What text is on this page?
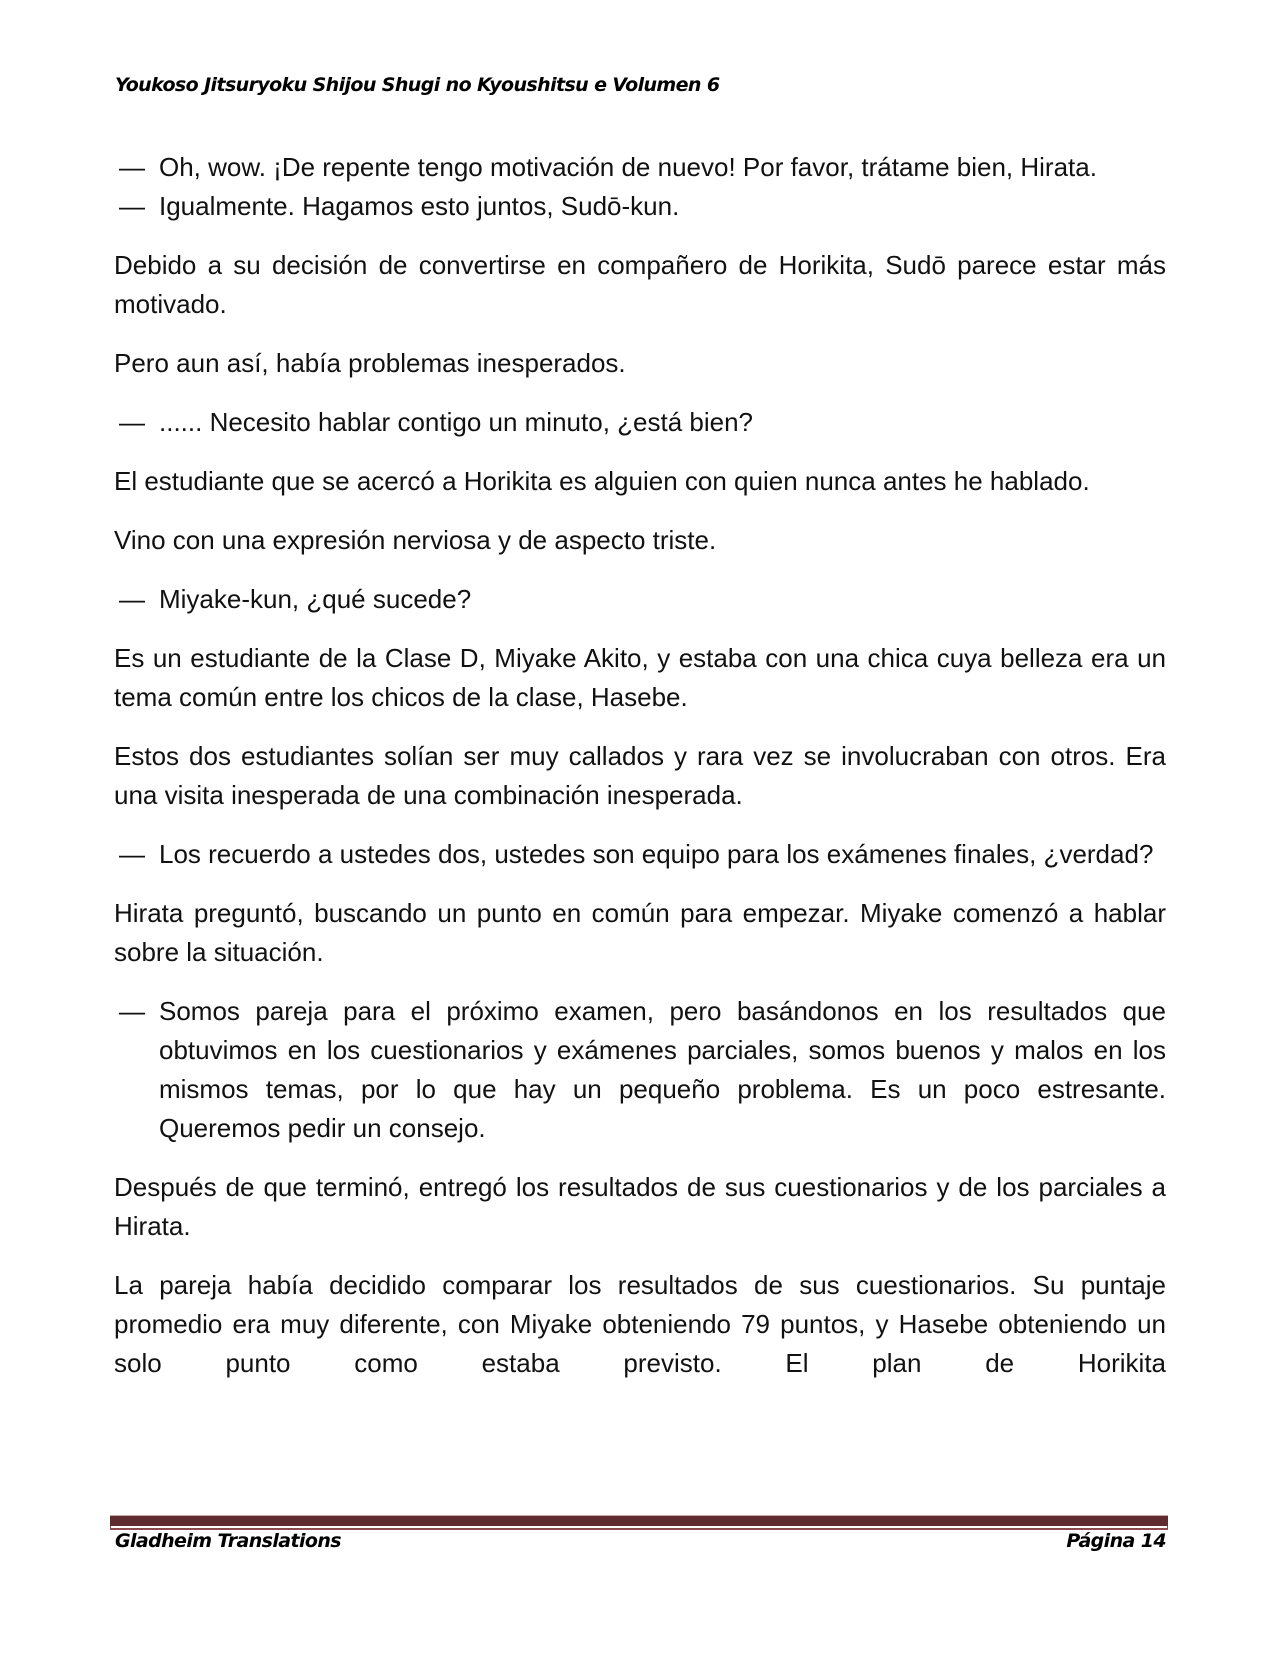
Youkoso Jitsuryoku Shijou Shugi no Kyoushitsu e Volumen 6
— Oh, wow. ¡De repente tengo motivación de nuevo! Por favor, trátame bien, Hirata.
— Igualmente. Hagamos esto juntos, Sudō-kun.

Debido a su decisión de convertirse en compañero de Horikita, Sudō parece estar más motivado.

Pero aun así, había problemas inesperados.

— ...... Necesito hablar contigo un minuto, ¿está bien?

El estudiante que se acercó a Horikita es alguien con quien nunca antes he hablado.

Vino con una expresión nerviosa y de aspecto triste.

— Miyake-kun, ¿qué sucede?

Es un estudiante de la Clase D, Miyake Akito, y estaba con una chica cuya belleza era un tema común entre los chicos de la clase, Hasebe.

Estos dos estudiantes solían ser muy callados y rara vez se involucraban con otros. Era una visita inesperada de una combinación inesperada.

— Los recuerdo a ustedes dos, ustedes son equipo para los exámenes finales, ¿verdad?

Hirata preguntó, buscando un punto en común para empezar. Miyake comenzó a hablar sobre la situación.

— Somos pareja para el próximo examen, pero basándonos en los resultados que obtuvimos en los cuestionarios y exámenes parciales, somos buenos y malos en los mismos temas, por lo que hay un pequeño problema. Es un poco estresante. Queremos pedir un consejo.

Después de que terminó, entregó los resultados de sus cuestionarios y de los parciales a Hirata.

La pareja había decidido comparar los resultados de sus cuestionarios. Su puntaje promedio era muy diferente, con Miyake obteniendo 79 puntos, y Hasebe obteniendo un solo punto como estaba previsto. El plan de Horikita

Gladheim Translations	Página 14
